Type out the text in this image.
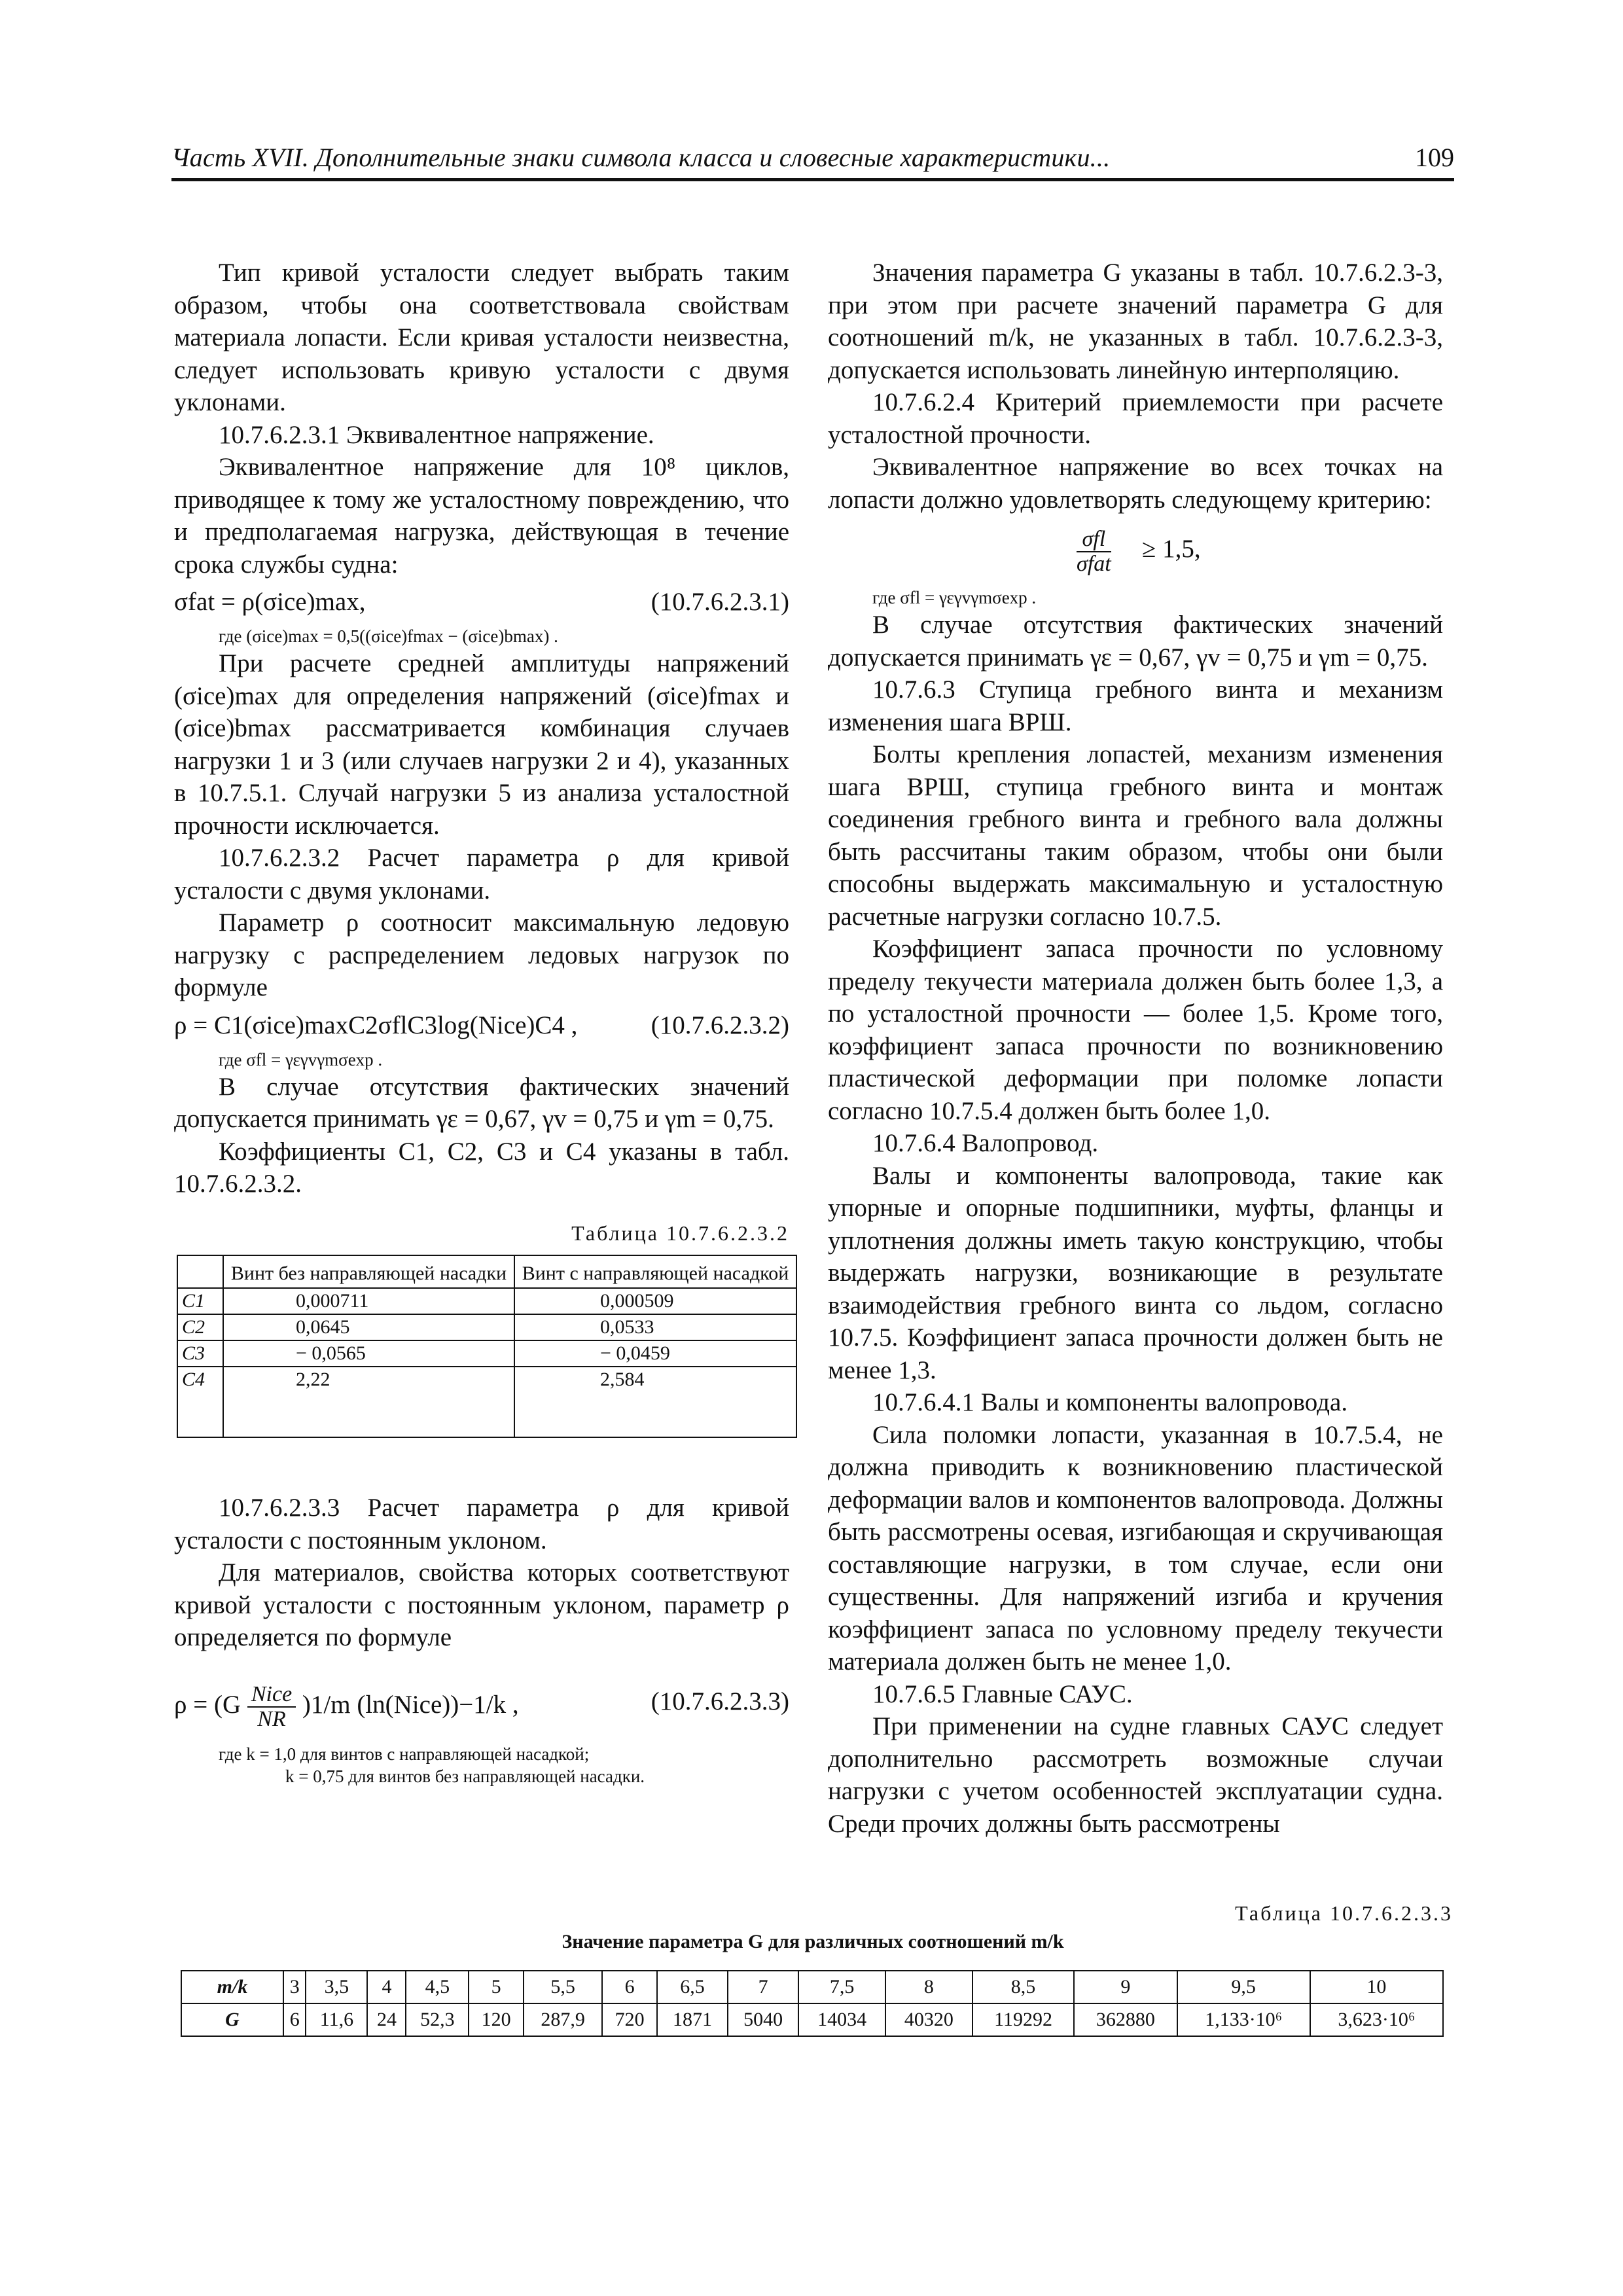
Часть XVII. Дополнительные знаки символа класса и словесные характеристики...	109

Тип кривой усталости следует выбрать таким образом, чтобы она соответствовала свойствам материала лопасти. Если кривая усталости неизвестна, следует использовать кривую усталости с двумя уклонами.

10.7.6.2.3.1 Эквивалентное напряжение.

Эквивалентное напряжение для 10⁸ циклов, приводящее к тому же усталостному повреждению, что и предполагаемая нагрузка, действующая в течение срока службы судна:

σfat = ρ(σice)max,	(10.7.6.2.3.1)

где (σice)max = 0,5((σice)fmax − (σice)bmax) .

При расчете средней амплитуды напряжений (σice)max для определения напряжений (σice)fmax и (σice)bmax рассматривается комбинация случаев нагрузки 1 и 3 (или случаев нагрузки 2 и 4), указанных в 10.7.5.1. Случай нагрузки 5 из анализа усталостной прочности исключается.

10.7.6.2.3.2 Расчет параметра ρ для кривой усталости с двумя уклонами.

Параметр ρ соотносит максимальную ледовую нагрузку с распределением ледовых нагрузок по формуле

ρ = C1(σice)maxC2σflC3log(Nice)C4 ,	(10.7.6.2.3.2)

где σfl = γεγvγmσexp .

В случае отсутствия фактических значений допускается принимать γε = 0,67, γv = 0,75 и γm = 0,75.

Коэффициенты C1, C2, C3 и C4 указаны в табл. 10.7.6.2.3.2.

Таблица 10.7.6.2.3.2
	Винт без направляющей насадки	Винт с направляющей насадкой
C1	0,000711	0,000509
C2	0,0645	0,0533
C3	− 0,0565	− 0,0459
C4	2,22	2,584

10.7.6.2.3.3 Расчет параметра ρ для кривой усталости с постоянным уклоном.

Для материалов, свойства которых соответствуют кривой усталости с постоянным уклоном, параметр ρ определяется по формуле

$\rho = (G \frac{\text{Nice}}{NR} )1/m$ (ln(Nice))−1/k ,	(10.7.6.2.3.3)

где k = 1,0 для винтов с направляющей насадкой;

k = 0,75 для винтов без направляющей насадки.

Значения параметра G указаны в табл. 10.7.6.2.3-3, при этом при расчете значений параметра G для соотношений m/k, не указанных в табл. 10.7.6.2.3-3, допускается использовать линейную интерполяцию.

10.7.6.2.4 Критерий приемлемости при расчете усталостной прочности.

Эквивалентное напряжение во всех точках на лопасти должно удовлетворять следующему критерию:

σfl
σfat
≥ 1,5,

где σfl = γεγvγmσexp .

В случае отсутствия фактических значений допускается принимать γε = 0,67, γv = 0,75 и γm = 0,75.

10.7.6.3 Ступица гребного винта и механизм изменения шага ВРШ.

Болты крепления лопастей, механизм изменения шага ВРШ, ступица гребного винта и монтаж соединения гребного винта и гребного вала должны быть рассчитаны таким образом, чтобы они были способны выдержать максимальную и усталостную расчетные нагрузки согласно 10.7.5.

Коэффициент запаса прочности по условному пределу текучести материала должен быть более 1,3, а по усталостной прочности — более 1,5. Кроме того, коэффициент запаса прочности по возникновению пластической деформации при поломке лопасти согласно 10.7.5.4 должен быть более 1,0.

10.7.6.4 Валопровод.

Валы и компоненты валопровода, такие как упорные и опорные подшипники, муфты, фланцы и уплотнения должны иметь такую конструкцию, чтобы выдержать нагрузки, возникающие в результате взаимодействия гребного винта со льдом, согласно 10.7.5. Коэффициент запаса прочности должен быть не менее 1,3.

10.7.6.4.1 Валы и компоненты валопровода.

Сила поломки лопасти, указанная в 10.7.5.4, не должна приводить к возникновению пластической деформации валов и компонентов валопровода. Должны быть рассмотрены осевая, изгибающая и скручивающая составляющие нагрузки, в том случае, если они существенны. Для напряжений изгиба и кручения коэффициент запаса по условному пределу текучести материала должен быть не менее 1,0.

10.7.6.5 Главные САУС.

При применении на судне главных САУС следует дополнительно рассмотреть возможные случаи нагрузки с учетом особенностей эксплуатации судна. Среди прочих должны быть рассмотрены

Таблица 10.7.6.2.3.3
Значение параметра G для различных соотношений m/k
m/k	3	3,5	4	4,5	5	5,5	6	6,5	7	7,5	8	8,5	9	9,5	10
G	6	11,6	24	52,3	120	287,9	720	1871	5040	14034	40320	119292	362880	1,133·10⁶	3,623·10⁶
